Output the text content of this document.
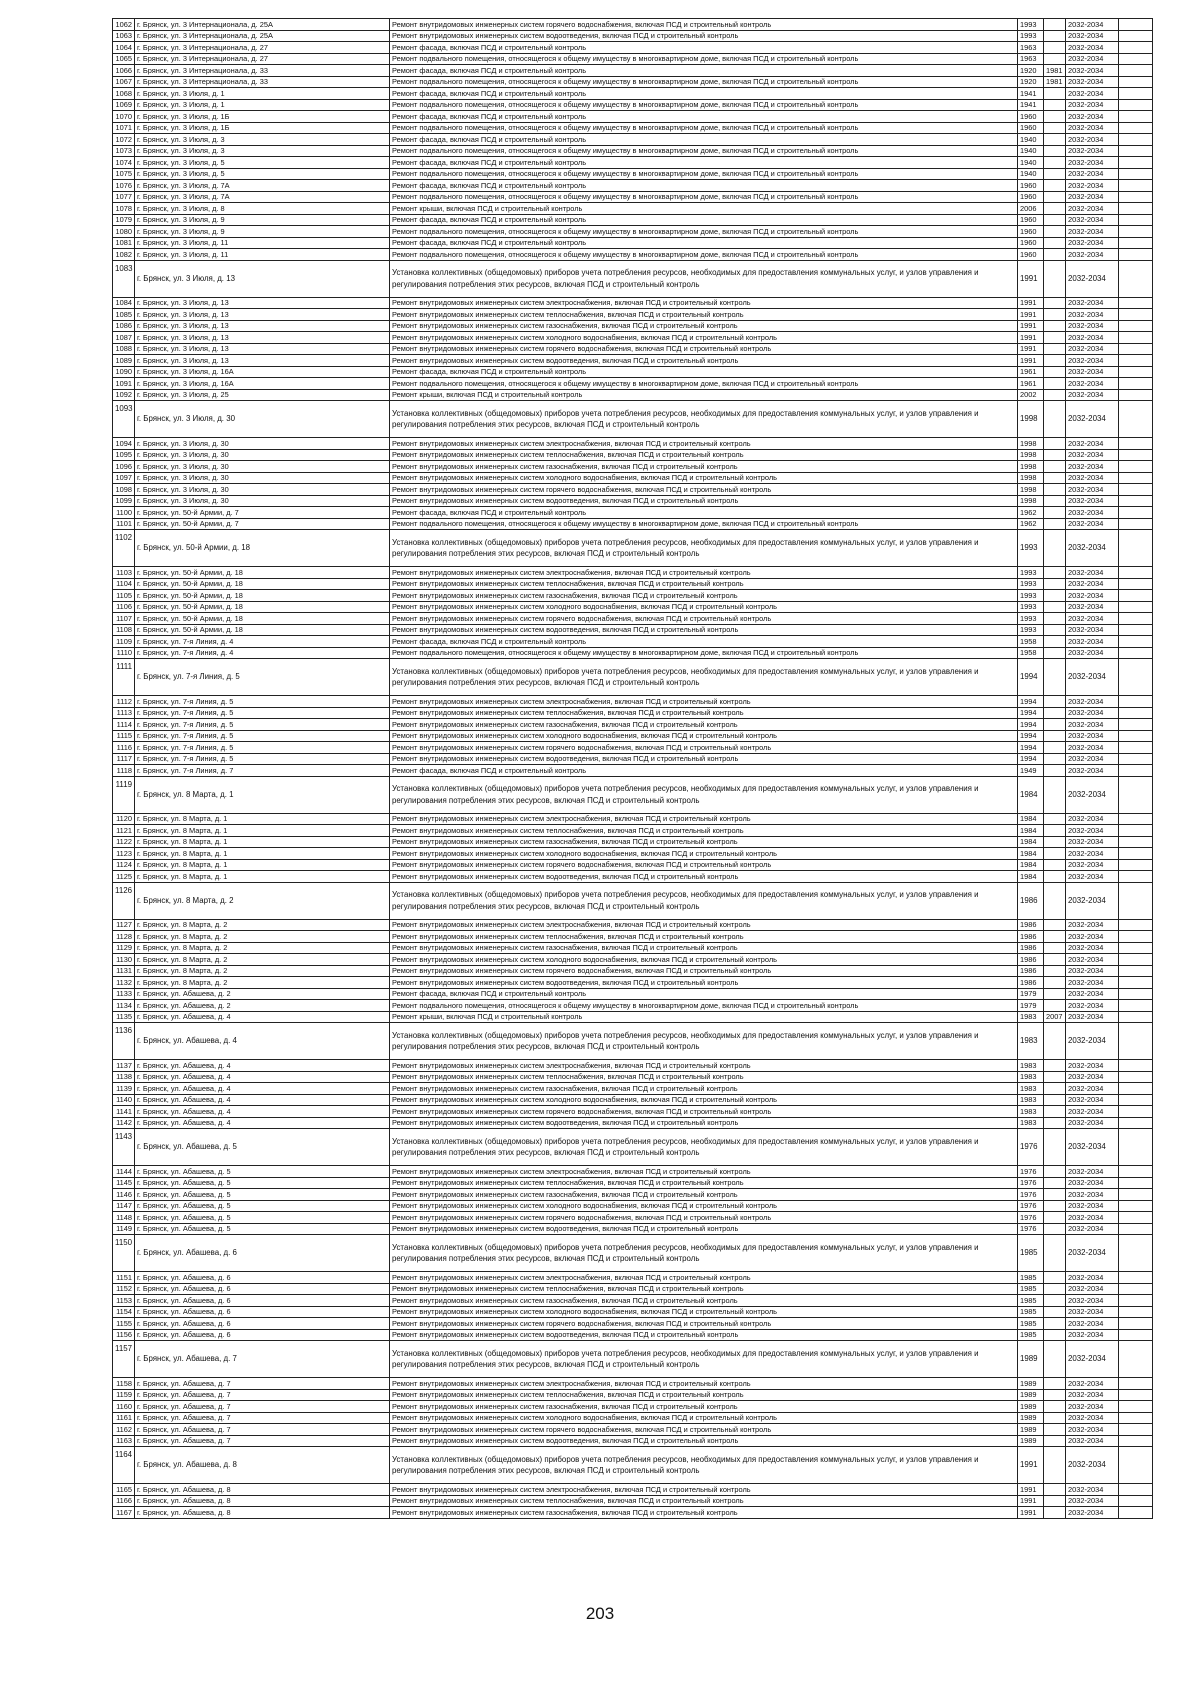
1062	г. Брянск, ул. 3 Интернационала, д. 25А	Ремонт внутридомовых инженерных систем горячего водоснабжения, включая ПСД и строительный контроль	1993		2032-2034	
1063	г. Брянск, ул. 3 Интернационала, д. 25А	Ремонт внутридомовых инженерных систем водоотведения, включая ПСД и строительный контроль	1993		2032-2034	
1064	г. Брянск, ул. 3 Интернационала, д. 27	Ремонт фасада, включая ПСД и строительный контроль	1963		2032-2034	
1065	г. Брянск, ул. 3 Интернационала, д. 27	Ремонт подвального помещения, относящегося к общему имуществу в многоквартирном доме, включая ПСД и строительный контроль	1963		2032-2034	
1066	г. Брянск, ул. 3 Интернационала, д. 33	Ремонт фасада, включая ПСД и строительный контроль	1920	1981	2032-2034	
1067	г. Брянск, ул. 3 Интернационала, д. 33	Ремонт подвального помещения, относящегося к общему имуществу в многоквартирном доме, включая ПСД и строительный контроль	1920	1981	2032-2034	
1068	г. Брянск, ул. 3 Июля, д. 1	Ремонт фасада, включая ПСД и строительный контроль	1941		2032-2034	
1069	г. Брянск, ул. 3 Июля, д. 1	Ремонт подвального помещения, относящегося к общему имуществу в многоквартирном доме, включая ПСД и строительный контроль	1941		2032-2034	
1070	г. Брянск, ул. 3 Июля, д. 1Б	Ремонт фасада, включая ПСД и строительный контроль	1960		2032-2034	
1071	г. Брянск, ул. 3 Июля, д. 1Б	Ремонт подвального помещения, относящегося к общему имуществу в многоквартирном доме, включая ПСД и строительный контроль	1960		2032-2034	
1072	г. Брянск, ул. 3 Июля, д. 3	Ремонт фасада, включая ПСД и строительный контроль	1940		2032-2034	
1073	г. Брянск, ул. 3 Июля, д. 3	Ремонт подвального помещения, относящегося к общему имуществу в многоквартирном доме, включая ПСД и строительный контроль	1940		2032-2034	
1074	г. Брянск, ул. 3 Июля, д. 5	Ремонт фасада, включая ПСД и строительный контроль	1940		2032-2034	
1075	г. Брянск, ул. 3 Июля, д. 5	Ремонт подвального помещения, относящегося к общему имуществу в многоквартирном доме, включая ПСД и строительный контроль	1940		2032-2034	
1076	г. Брянск, ул. 3 Июля, д. 7А	Ремонт фасада, включая ПСД и строительный контроль	1960		2032-2034	
1077	г. Брянск, ул. 3 Июля, д. 7А	Ремонт подвального помещения, относящегося к общему имуществу в многоквартирном доме, включая ПСД и строительный контроль	1960		2032-2034	
1078	г. Брянск, ул. 3 Июля, д. 8	Ремонт крыши, включая ПСД и строительный контроль	2006		2032-2034	
1079	г. Брянск, ул. 3 Июля, д. 9	Ремонт фасада, включая ПСД и строительный контроль	1960		2032-2034	
1080	г. Брянск, ул. 3 Июля, д. 9	Ремонт подвального помещения, относящегося к общему имуществу в многоквартирном доме, включая ПСД и строительный контроль	1960		2032-2034	
1081	г. Брянск, ул. 3 Июля, д. 11	Ремонт фасада, включая ПСД и строительный контроль	1960		2032-2034	
1082	г. Брянск, ул. 3 Июля, д. 11	Ремонт подвального помещения, относящегося к общему имуществу в многоквартирном доме, включая ПСД и строительный контроль	1960		2032-2034	
1083	г. Брянск, ул. 3 Июля, д. 13	Установка коллективных (общедомовых) приборов учета потребления ресурсов, необходимых для предоставления коммунальных услуг, и узлов управления и регулирования потребления этих ресурсов, включая ПСД и строительный контроль	1991		2032-2034	
1084	г. Брянск, ул. 3 Июля, д. 13	Ремонт внутридомовых инженерных систем электроснабжения, включая ПСД и строительный контроль	1991		2032-2034	
1085	г. Брянск, ул. 3 Июля, д. 13	Ремонт внутридомовых инженерных систем теплоснабжения, включая ПСД и строительный контроль	1991		2032-2034	
1086	г. Брянск, ул. 3 Июля, д. 13	Ремонт внутридомовых инженерных систем газоснабжения, включая ПСД и строительный контроль	1991		2032-2034	
1087	г. Брянск, ул. 3 Июля, д. 13	Ремонт внутридомовых инженерных систем холодного водоснабжения, включая ПСД и строительный контроль	1991		2032-2034	
1088	г. Брянск, ул. 3 Июля, д. 13	Ремонт внутридомовых инженерных систем горячего водоснабжения, включая ПСД и строительный контроль	1991		2032-2034	
1089	г. Брянск, ул. 3 Июля, д. 13	Ремонт внутридомовых инженерных систем водоотведения, включая ПСД и строительный контроль	1991		2032-2034	
1090	г. Брянск, ул. 3 Июля, д. 16А	Ремонт фасада, включая ПСД и строительный контроль	1961		2032-2034	
1091	г. Брянск, ул. 3 Июля, д. 16А	Ремонт подвального помещения, относящегося к общему имуществу в многоквартирном доме, включая ПСД и строительный контроль	1961		2032-2034	
1092	г. Брянск, ул. 3 Июля, д. 25	Ремонт крыши, включая ПСД и строительный контроль	2002		2032-2034	
1093	г. Брянск, ул. 3 Июля, д. 30	Установка коллективных (общедомовых) приборов учета потребления ресурсов, необходимых для предоставления коммунальных услуг, и узлов управления и регулирования потребления этих ресурсов, включая ПСД и строительный контроль	1998		2032-2034	
1094	г. Брянск, ул. 3 Июля, д. 30	Ремонт внутридомовых инженерных систем электроснабжения, включая ПСД и строительный контроль	1998		2032-2034	
1095	г. Брянск, ул. 3 Июля, д. 30	Ремонт внутридомовых инженерных систем теплоснабжения, включая ПСД и строительный контроль	1998		2032-2034	
1096	г. Брянск, ул. 3 Июля, д. 30	Ремонт внутридомовых инженерных систем газоснабжения, включая ПСД и строительный контроль	1998		2032-2034	
1097	г. Брянск, ул. 3 Июля, д. 30	Ремонт внутридомовых инженерных систем холодного водоснабжения, включая ПСД и строительный контроль	1998		2032-2034	
1098	г. Брянск, ул. 3 Июля, д. 30	Ремонт внутридомовых инженерных систем горячего водоснабжения, включая ПСД и строительный контроль	1998		2032-2034	
1099	г. Брянск, ул. 3 Июля, д. 30	Ремонт внутридомовых инженерных систем водоотведения, включая ПСД и строительный контроль	1998		2032-2034	
1100	г. Брянск, ул. 50-й Армии, д. 7	Ремонт фасада, включая ПСД и строительный контроль	1962		2032-2034	
1101	г. Брянск, ул. 50-й Армии, д. 7	Ремонт подвального помещения, относящегося к общему имуществу в многоквартирном доме, включая ПСД и строительный контроль	1962		2032-2034	
1102	г. Брянск, ул. 50-й Армии, д. 18	Установка коллективных (общедомовых) приборов учета потребления ресурсов, необходимых для предоставления коммунальных услуг, и узлов управления и регулирования потребления этих ресурсов, включая ПСД и строительный контроль	1993		2032-2034	
1103	г. Брянск, ул. 50-й Армии, д. 18	Ремонт внутридомовых инженерных систем электроснабжения, включая ПСД и строительный контроль	1993		2032-2034	
1104	г. Брянск, ул. 50-й Армии, д. 18	Ремонт внутридомовых инженерных систем теплоснабжения, включая ПСД и строительный контроль	1993		2032-2034	
1105	г. Брянск, ул. 50-й Армии, д. 18	Ремонт внутридомовых инженерных систем газоснабжения, включая ПСД и строительный контроль	1993		2032-2034	
1106	г. Брянск, ул. 50-й Армии, д. 18	Ремонт внутридомовых инженерных систем холодного водоснабжения, включая ПСД и строительный контроль	1993		2032-2034	
1107	г. Брянск, ул. 50-й Армии, д. 18	Ремонт внутридомовых инженерных систем горячего водоснабжения, включая ПСД и строительный контроль	1993		2032-2034	
1108	г. Брянск, ул. 50-й Армии, д. 18	Ремонт внутридомовых инженерных систем водоотведения, включая ПСД и строительный контроль	1993		2032-2034	
1109	г. Брянск, ул. 7-я Линия, д. 4	Ремонт фасада, включая ПСД и строительный контроль	1958		2032-2034	
1110	г. Брянск, ул. 7-я Линия, д. 4	Ремонт подвального помещения, относящегося к общему имуществу в многоквартирном доме, включая ПСД и строительный контроль	1958		2032-2034	
1111	г. Брянск, ул. 7-я Линия, д. 5	Установка коллективных (общедомовых) приборов учета потребления ресурсов, необходимых для предоставления коммунальных услуг, и узлов управления и регулирования потребления этих ресурсов, включая ПСД и строительный контроль	1994		2032-2034	
1112	г. Брянск, ул. 7-я Линия, д. 5	Ремонт внутридомовых инженерных систем электроснабжения, включая ПСД и строительный контроль	1994		2032-2034	
1113	г. Брянск, ул. 7-я Линия, д. 5	Ремонт внутридомовых инженерных систем теплоснабжения, включая ПСД и строительный контроль	1994		2032-2034	
1114	г. Брянск, ул. 7-я Линия, д. 5	Ремонт внутридомовых инженерных систем газоснабжения, включая ПСД и строительный контроль	1994		2032-2034	
1115	г. Брянск, ул. 7-я Линия, д. 5	Ремонт внутридомовых инженерных систем холодного водоснабжения, включая ПСД и строительный контроль	1994		2032-2034	
1116	г. Брянск, ул. 7-я Линия, д. 5	Ремонт внутридомовых инженерных систем горячего водоснабжения, включая ПСД и строительный контроль	1994		2032-2034	
1117	г. Брянск, ул. 7-я Линия, д. 5	Ремонт внутридомовых инженерных систем водоотведения, включая ПСД и строительный контроль	1994		2032-2034	
1118	г. Брянск, ул. 7-я Линия, д. 7	Ремонт фасада, включая ПСД и строительный контроль	1949		2032-2034	
1119	г. Брянск, ул. 8 Марта, д. 1	Установка коллективных (общедомовых) приборов учета потребления ресурсов, необходимых для предоставления коммунальных услуг, и узлов управления и регулирования потребления этих ресурсов, включая ПСД и строительный контроль	1984		2032-2034	
1120	г. Брянск, ул. 8 Марта, д. 1	Ремонт внутридомовых инженерных систем электроснабжения, включая ПСД и строительный контроль	1984		2032-2034	
1121	г. Брянск, ул. 8 Марта, д. 1	Ремонт внутридомовых инженерных систем теплоснабжения, включая ПСД и строительный контроль	1984		2032-2034	
1122	г. Брянск, ул. 8 Марта, д. 1	Ремонт внутридомовых инженерных систем газоснабжения, включая ПСД и строительный контроль	1984		2032-2034	
1123	г. Брянск, ул. 8 Марта, д. 1	Ремонт внутридомовых инженерных систем холодного водоснабжения, включая ПСД и строительный контроль	1984		2032-2034	
1124	г. Брянск, ул. 8 Марта, д. 1	Ремонт внутридомовых инженерных систем горячего водоснабжения, включая ПСД и строительный контроль	1984		2032-2034	
1125	г. Брянск, ул. 8 Марта, д. 1	Ремонт внутридомовых инженерных систем водоотведения, включая ПСД и строительный контроль	1984		2032-2034	
1126	г. Брянск, ул. 8 Марта, д. 2	Установка коллективных (общедомовых) приборов учета потребления ресурсов, необходимых для предоставления коммунальных услуг, и узлов управления и регулирования потребления этих ресурсов, включая ПСД и строительный контроль	1986		2032-2034	
1127	г. Брянск, ул. 8 Марта, д. 2	Ремонт внутридомовых инженерных систем электроснабжения, включая ПСД и строительный контроль	1986		2032-2034	
1128	г. Брянск, ул. 8 Марта, д. 2	Ремонт внутридомовых инженерных систем теплоснабжения, включая ПСД и строительный контроль	1986		2032-2034	
1129	г. Брянск, ул. 8 Марта, д. 2	Ремонт внутридомовых инженерных систем газоснабжения, включая ПСД и строительный контроль	1986		2032-2034	
1130	г. Брянск, ул. 8 Марта, д. 2	Ремонт внутридомовых инженерных систем холодного водоснабжения, включая ПСД и строительный контроль	1986		2032-2034	
1131	г. Брянск, ул. 8 Марта, д. 2	Ремонт внутридомовых инженерных систем горячего водоснабжения, включая ПСД и строительный контроль	1986		2032-2034	
1132	г. Брянск, ул. 8 Марта, д. 2	Ремонт внутридомовых инженерных систем водоотведения, включая ПСД и строительный контроль	1986		2032-2034	
1133	г. Брянск, ул. Абашева, д. 2	Ремонт фасада, включая ПСД и строительный контроль	1979		2032-2034	
1134	г. Брянск, ул. Абашева, д. 2	Ремонт подвального помещения, относящегося к общему имуществу в многоквартирном доме, включая ПСД и строительный контроль	1979		2032-2034	
1135	г. Брянск, ул. Абашева, д. 4	Ремонт крыши, включая ПСД и строительный контроль	1983	2007	2032-2034	
1136	г. Брянск, ул. Абашева, д. 4	Установка коллективных (общедомовых) приборов учета потребления ресурсов, необходимых для предоставления коммунальных услуг, и узлов управления и регулирования потребления этих ресурсов, включая ПСД и строительный контроль	1983		2032-2034	
1137	г. Брянск, ул. Абашева, д. 4	Ремонт внутридомовых инженерных систем электроснабжения, включая ПСД и строительный контроль	1983		2032-2034	
1138	г. Брянск, ул. Абашева, д. 4	Ремонт внутридомовых инженерных систем теплоснабжения, включая ПСД и строительный контроль	1983		2032-2034	
1139	г. Брянск, ул. Абашева, д. 4	Ремонт внутридомовых инженерных систем газоснабжения, включая ПСД и строительный контроль	1983		2032-2034	
1140	г. Брянск, ул. Абашева, д. 4	Ремонт внутридомовых инженерных систем холодного водоснабжения, включая ПСД и строительный контроль	1983		2032-2034	
1141	г. Брянск, ул. Абашева, д. 4	Ремонт внутридомовых инженерных систем горячего водоснабжения, включая ПСД и строительный контроль	1983		2032-2034	
1142	г. Брянск, ул. Абашева, д. 4	Ремонт внутридомовых инженерных систем водоотведения, включая ПСД и строительный контроль	1983		2032-2034	
1143	г. Брянск, ул. Абашева, д. 5	Установка коллективных (общедомовых) приборов учета потребления ресурсов, необходимых для предоставления коммунальных услуг, и узлов управления и регулирования потребления этих ресурсов, включая ПСД и строительный контроль	1976		2032-2034	
1144	г. Брянск, ул. Абашева, д. 5	Ремонт внутридомовых инженерных систем электроснабжения, включая ПСД и строительный контроль	1976		2032-2034	
1145	г. Брянск, ул. Абашева, д. 5	Ремонт внутридомовых инженерных систем теплоснабжения, включая ПСД и строительный контроль	1976		2032-2034	
1146	г. Брянск, ул. Абашева, д. 5	Ремонт внутридомовых инженерных систем газоснабжения, включая ПСД и строительный контроль	1976		2032-2034	
1147	г. Брянск, ул. Абашева, д. 5	Ремонт внутридомовых инженерных систем холодного водоснабжения, включая ПСД и строительный контроль	1976		2032-2034	
1148	г. Брянск, ул. Абашева, д. 5	Ремонт внутридомовых инженерных систем горячего водоснабжения, включая ПСД и строительный контроль	1976		2032-2034	
1149	г. Брянск, ул. Абашева, д. 5	Ремонт внутридомовых инженерных систем водоотведения, включая ПСД и строительный контроль	1976		2032-2034	
1150	г. Брянск, ул. Абашева, д. 6	Установка коллективных (общедомовых) приборов учета потребления ресурсов, необходимых для предоставления коммунальных услуг, и узлов управления и регулирования потребления этих ресурсов, включая ПСД и строительный контроль	1985		2032-2034	
1151	г. Брянск, ул. Абашева, д. 6	Ремонт внутридомовых инженерных систем электроснабжения, включая ПСД и строительный контроль	1985		2032-2034	
1152	г. Брянск, ул. Абашева, д. 6	Ремонт внутридомовых инженерных систем теплоснабжения, включая ПСД и строительный контроль	1985		2032-2034	
1153	г. Брянск, ул. Абашева, д. 6	Ремонт внутридомовых инженерных систем газоснабжения, включая ПСД и строительный контроль	1985		2032-2034	
1154	г. Брянск, ул. Абашева, д. 6	Ремонт внутридомовых инженерных систем холодного водоснабжения, включая ПСД и строительный контроль	1985		2032-2034	
1155	г. Брянск, ул. Абашева, д. 6	Ремонт внутридомовых инженерных систем горячего водоснабжения, включая ПСД и строительный контроль	1985		2032-2034	
1156	г. Брянск, ул. Абашева, д. 6	Ремонт внутридомовых инженерных систем водоотведения, включая ПСД и строительный контроль	1985		2032-2034	
1157	г. Брянск, ул. Абашева, д. 7	Установка коллективных (общедомовых) приборов учета потребления ресурсов, необходимых для предоставления коммунальных услуг, и узлов управления и регулирования потребления этих ресурсов, включая ПСД и строительный контроль	1989		2032-2034	
1158	г. Брянск, ул. Абашева, д. 7	Ремонт внутридомовых инженерных систем электроснабжения, включая ПСД и строительный контроль	1989		2032-2034	
1159	г. Брянск, ул. Абашева, д. 7	Ремонт внутридомовых инженерных систем теплоснабжения, включая ПСД и строительный контроль	1989		2032-2034	
1160	г. Брянск, ул. Абашева, д. 7	Ремонт внутридомовых инженерных систем газоснабжения, включая ПСД и строительный контроль	1989		2032-2034	
1161	г. Брянск, ул. Абашева, д. 7	Ремонт внутридомовых инженерных систем холодного водоснабжения, включая ПСД и строительный контроль	1989		2032-2034	
1162	г. Брянск, ул. Абашева, д. 7	Ремонт внутридомовых инженерных систем горячего водоснабжения, включая ПСД и строительный контроль	1989		2032-2034	
1163	г. Брянск, ул. Абашева, д. 7	Ремонт внутридомовых инженерных систем водоотведения, включая ПСД и строительный контроль	1989		2032-2034	
1164	г. Брянск, ул. Абашева, д. 8	Установка коллективных (общедомовых) приборов учета потребления ресурсов, необходимых для предоставления коммунальных услуг, и узлов управления и регулирования потребления этих ресурсов, включая ПСД и строительный контроль	1991		2032-2034	
1165	г. Брянск, ул. Абашева, д. 8	Ремонт внутридомовых инженерных систем электроснабжения, включая ПСД и строительный контроль	1991		2032-2034	
1166	г. Брянск, ул. Абашева, д. 8	Ремонт внутридомовых инженерных систем теплоснабжения, включая ПСД и строительный контроль	1991		2032-2034	
1167	г. Брянск, ул. Абашева, д. 8	Ремонт внутридомовых инженерных систем газоснабжения, включая ПСД и строительный контроль	1991		2032-2034	
203
